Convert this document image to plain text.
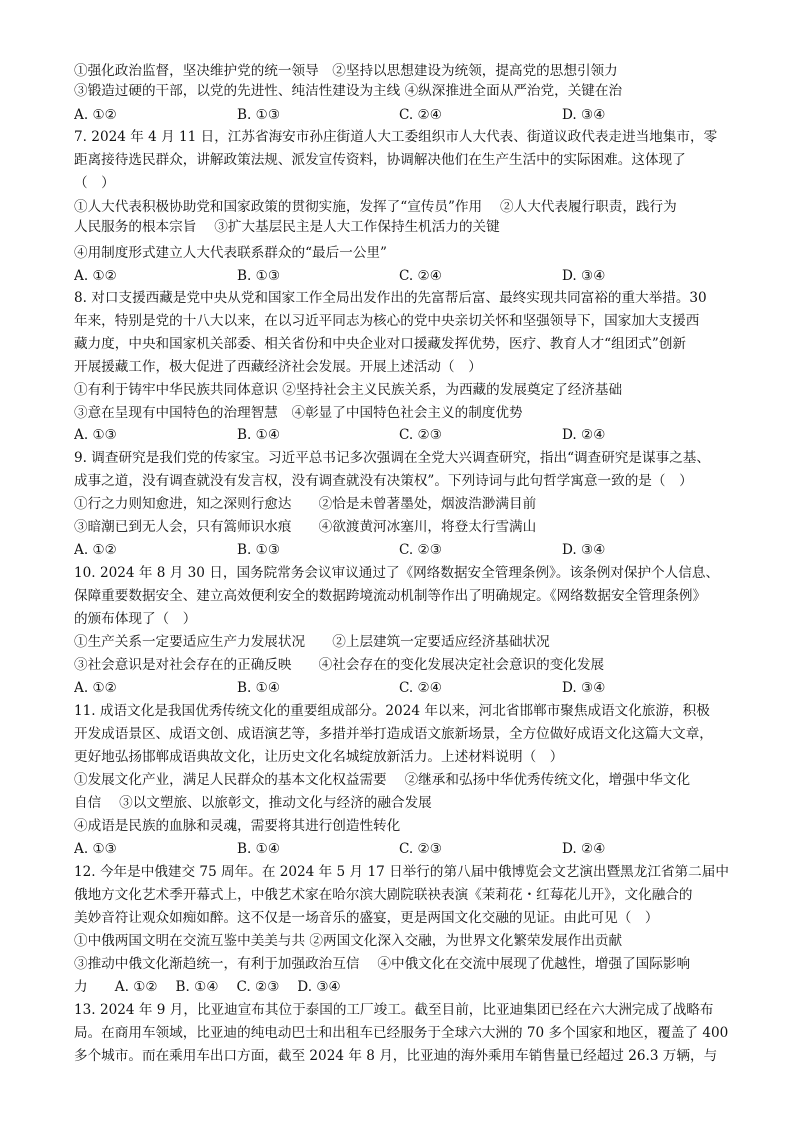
①强化政治监督，坚决维护党的统一领导　②坚持以思想建设为统领，提高党的思想引领力
③锻造过硬的干部，以党的先进性、纯洁性建设为主线 ④纵深推进全面从严治党，关键在治
A. ①②	B. ①③	C. ②④	D. ③④
7. 2024 年 4 月 11 日，江苏省海安市孙庄街道人大工委组织市人大代表、街道议政代表走进当地集市，零
距离接待选民群众，讲解政策法规、派发宣传资料，协调解决他们在生产生活中的实际困难。这体现了
（　）
①人大代表积极协助党和国家政策的贯彻实施，发挥了“宣传员”作用　 ②人大代表履行职责，践行为
人民服务的根本宗旨　 ③扩大基层民主是人大工作保持生机活力的关键
④用制度形式建立人大代表联系群众的“最后一公里”
A. ①②	B. ①③	C. ②④	D. ③④
8. 对口支援西藏是党中央从党和国家工作全局出发作出的先富帮后富、最终实现共同富裕的重大举措。30
年来，特别是党的十八大以来，在以习近平同志为核心的党中央亲切关怀和坚强领导下，国家加大支援西
藏力度，中央和国家机关部委、相关省份和中央企业对口援藏发挥优势，医疗、教育人才“组团式”创新
开展援藏工作，极大促进了西藏经济社会发展。开展上述活动（　）
①有利于铸牢中华民族共同体意识 ②坚持社会主义民族关系，为西藏的发展奠定了经济基础
③意在呈现有中国特色的治理智慧　④彰显了中国特色社会主义的制度优势
A. ①③	B. ①④	C. ②③	D. ②④
9. 调查研究是我们党的传家宝。习近平总书记多次强调在全党大兴调查研究，指出“调查研究是谋事之基、
成事之道，没有调查就没有发言权，没有调查就没有决策权”。下列诗词与此句哲学寓意一致的是（　）
①行之力则知愈进，知之深则行愈达　　②恰是未曾著墨处，烟波浩渺满目前
③暗潮已到无人会，只有篙师识水痕　　④欲渡黄河冰塞川，将登太行雪满山
A. ①②	B. ①③	C. ②③	D. ③④
10. 2024 年 8 月 30 日，国务院常务会议审议通过了《网络数据安全管理条例》。该条例对保护个人信息、
保障重要数据安全、建立高效便利安全的数据跨境流动机制等作出了明确规定。《网络数据安全管理条例》
的颁布体现了（　）
①生产关系一定要适应生产力发展状况　　②上层建筑一定要适应经济基础状况
③社会意识是对社会存在的正确反映　　④社会存在的变化发展决定社会意识的变化发展
A. ①②	B. ①④	C. ②④	D. ③④
11. 成语文化是我国优秀传统文化的重要组成部分。2024 年以来，河北省邯郸市聚焦成语文化旅游，积极
开发成语景区、成语文创、成语演艺等，多措并举打造成语文旅新场景，全方位做好成语文化这篇大文章，
更好地弘扬邯郸成语典故文化，让历史文化名城绽放新活力。上述材料说明（　）
①发展文化产业，满足人民群众的基本文化权益需要　 ②继承和弘扬中华优秀传统文化，增强中华文化
自信　 ③以文塑旅、以旅彰文，推动文化与经济的融合发展
④成语是民族的血脉和灵魂，需要将其进行创造性转化
A. ①③	B. ①④	C. ②③	D. ②④
12. 今年是中俄建交 75 周年。在 2024 年 5 月 17 日举行的第八届中俄博览会文艺演出暨黑龙江省第二届中
俄地方文化艺术季开幕式上，中俄艺术家在哈尔滨大剧院联袂表演《茉莉花・红莓花儿开》，文化融合的
美妙音符让观众如痴如醉。这不仅是一场音乐的盛宴，更是两国文化交融的见证。由此可见（　）
①中俄两国文明在交流互鉴中美美与共 ②两国文化深入交融，为世界文化繁荣发展作出贡献
③推动中俄文化渐趋统一，有利于加强政治互信　 ④中俄文化在交流中展现了优越性，增强了国际影响
力　　A. ①②　 B. ①④　 C. ②③　 D. ③④
13. 2024 年 9 月，比亚迪宣布其位于泰国的工厂竣工。截至目前，比亚迪集团已经在六大洲完成了战略布
局。在商用车领域，比亚迪的纯电动巴士和出租车已经服务于全球六大洲的 70 多个国家和地区，覆盖了 400
多个城市。而在乘用车出口方面，截至 2024 年 8 月，比亚迪的海外乘用车销售量已经超过 26.3 万辆，与
